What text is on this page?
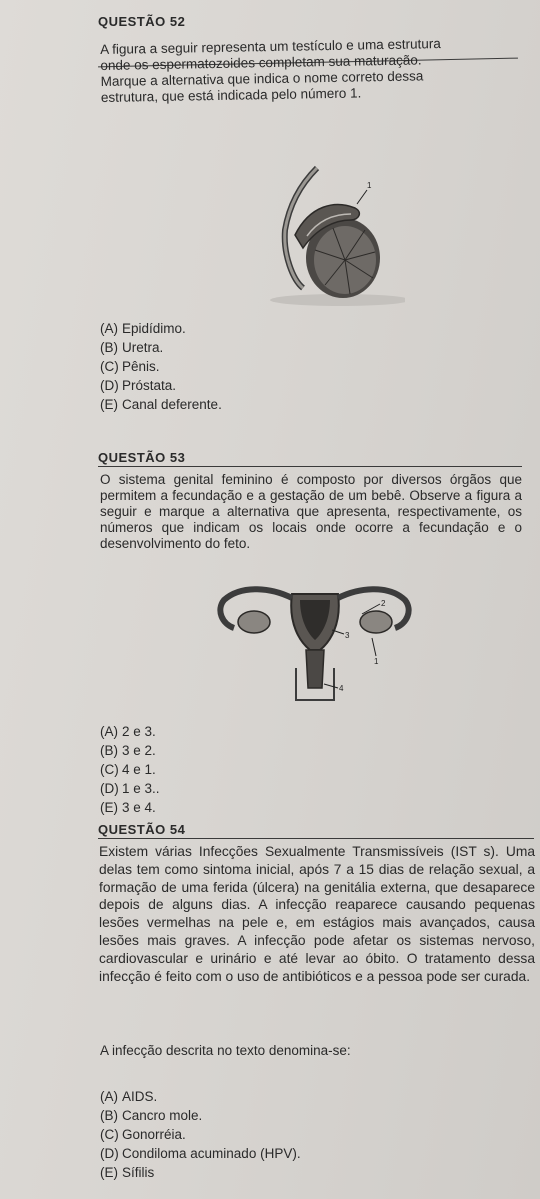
QUESTÃO 52
A figura a seguir representa um testículo e uma estrutura
onde os espermatozoides completam sua maturação.
Marque a alternativa que indica o nome correto dessa
estrutura, que está indicada pelo número 1.
1
(A) Epidídimo.
(B) Uretra.
(C) Pênis.
(D) Próstata.
(E) Canal deferente.
QUESTÃO 53

O sistema genital feminino é composto por diversos órgãos que permitem a fecundação e a gestação de um bebê. Observe a figura a seguir e marque a alternativa que apresenta, respectivamente, os números que indicam os locais onde ocorre a fecundação e o desenvolvimento do feto.

2
3
1
4
(A) 2 e 3.
(B) 3 e 2.
(C) 4 e 1.
(D) 1 e 3..
(E) 3 e 4.
QUESTÃO 54

Existem várias Infecções Sexualmente Transmissíveis (IST s). Uma delas tem como sintoma inicial, após 7 a 15 dias de relação sexual, a formação de uma ferida (úlcera) na genitália externa, que desaparece depois de alguns dias. A infecção reaparece causando pequenas lesões vermelhas na pele e, em estágios mais avançados, causa lesões mais graves. A infecção pode afetar os sistemas nervoso, cardiovascular e urinário e até levar ao óbito. O tratamento dessa infecção é feito com o uso de antibióticos e a pessoa pode ser curada.

A infecção descrita no texto denomina-se:
(A) AIDS.
(B) Cancro mole.
(C) Gonorréia.
(D) Condiloma acuminado (HPV).
(E) Sífilis
